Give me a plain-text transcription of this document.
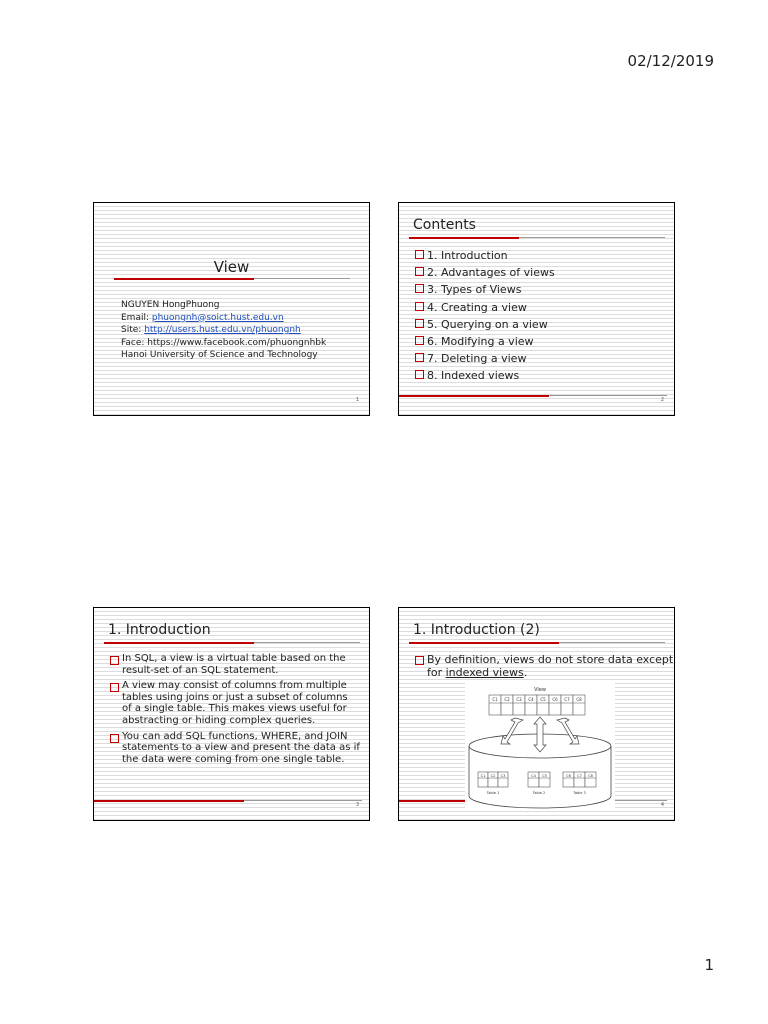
02/12/2019
View
NGUYEN HongPhuong
Email: phuongnh@soict.hust.edu.vn
Site: http://users.hust.edu.vn/phuongnh
Face: https://www.facebook.com/phuongnhbk
Hanoi University of Science and Technology
1
Contents
1. Introduction
2. Advantages of views
3. Types of Views
4. Creating a view
5. Querying on a view
6. Modifying a view
7. Deleting a view
8. Indexed views
2
1. Introduction
In SQL, a view is a virtual table based on the result-set of an SQL statement.
A view may consist of columns from multiple tables using joins or just a subset of columns of a single table. This makes views useful for abstracting or hiding complex queries.
You can add SQL functions, WHERE, and JOIN statements to a view and present the data as if the data were coming from one single table.
3
1. Introduction (2)
By definition, views do not store data except for indexed views.
View
C1 C2 C3 C4 C5 C6 C7 C8
C1 C2 C3
Table 1
C4 C5
Table 2
C6 C7 C8
Table 3
4
1
